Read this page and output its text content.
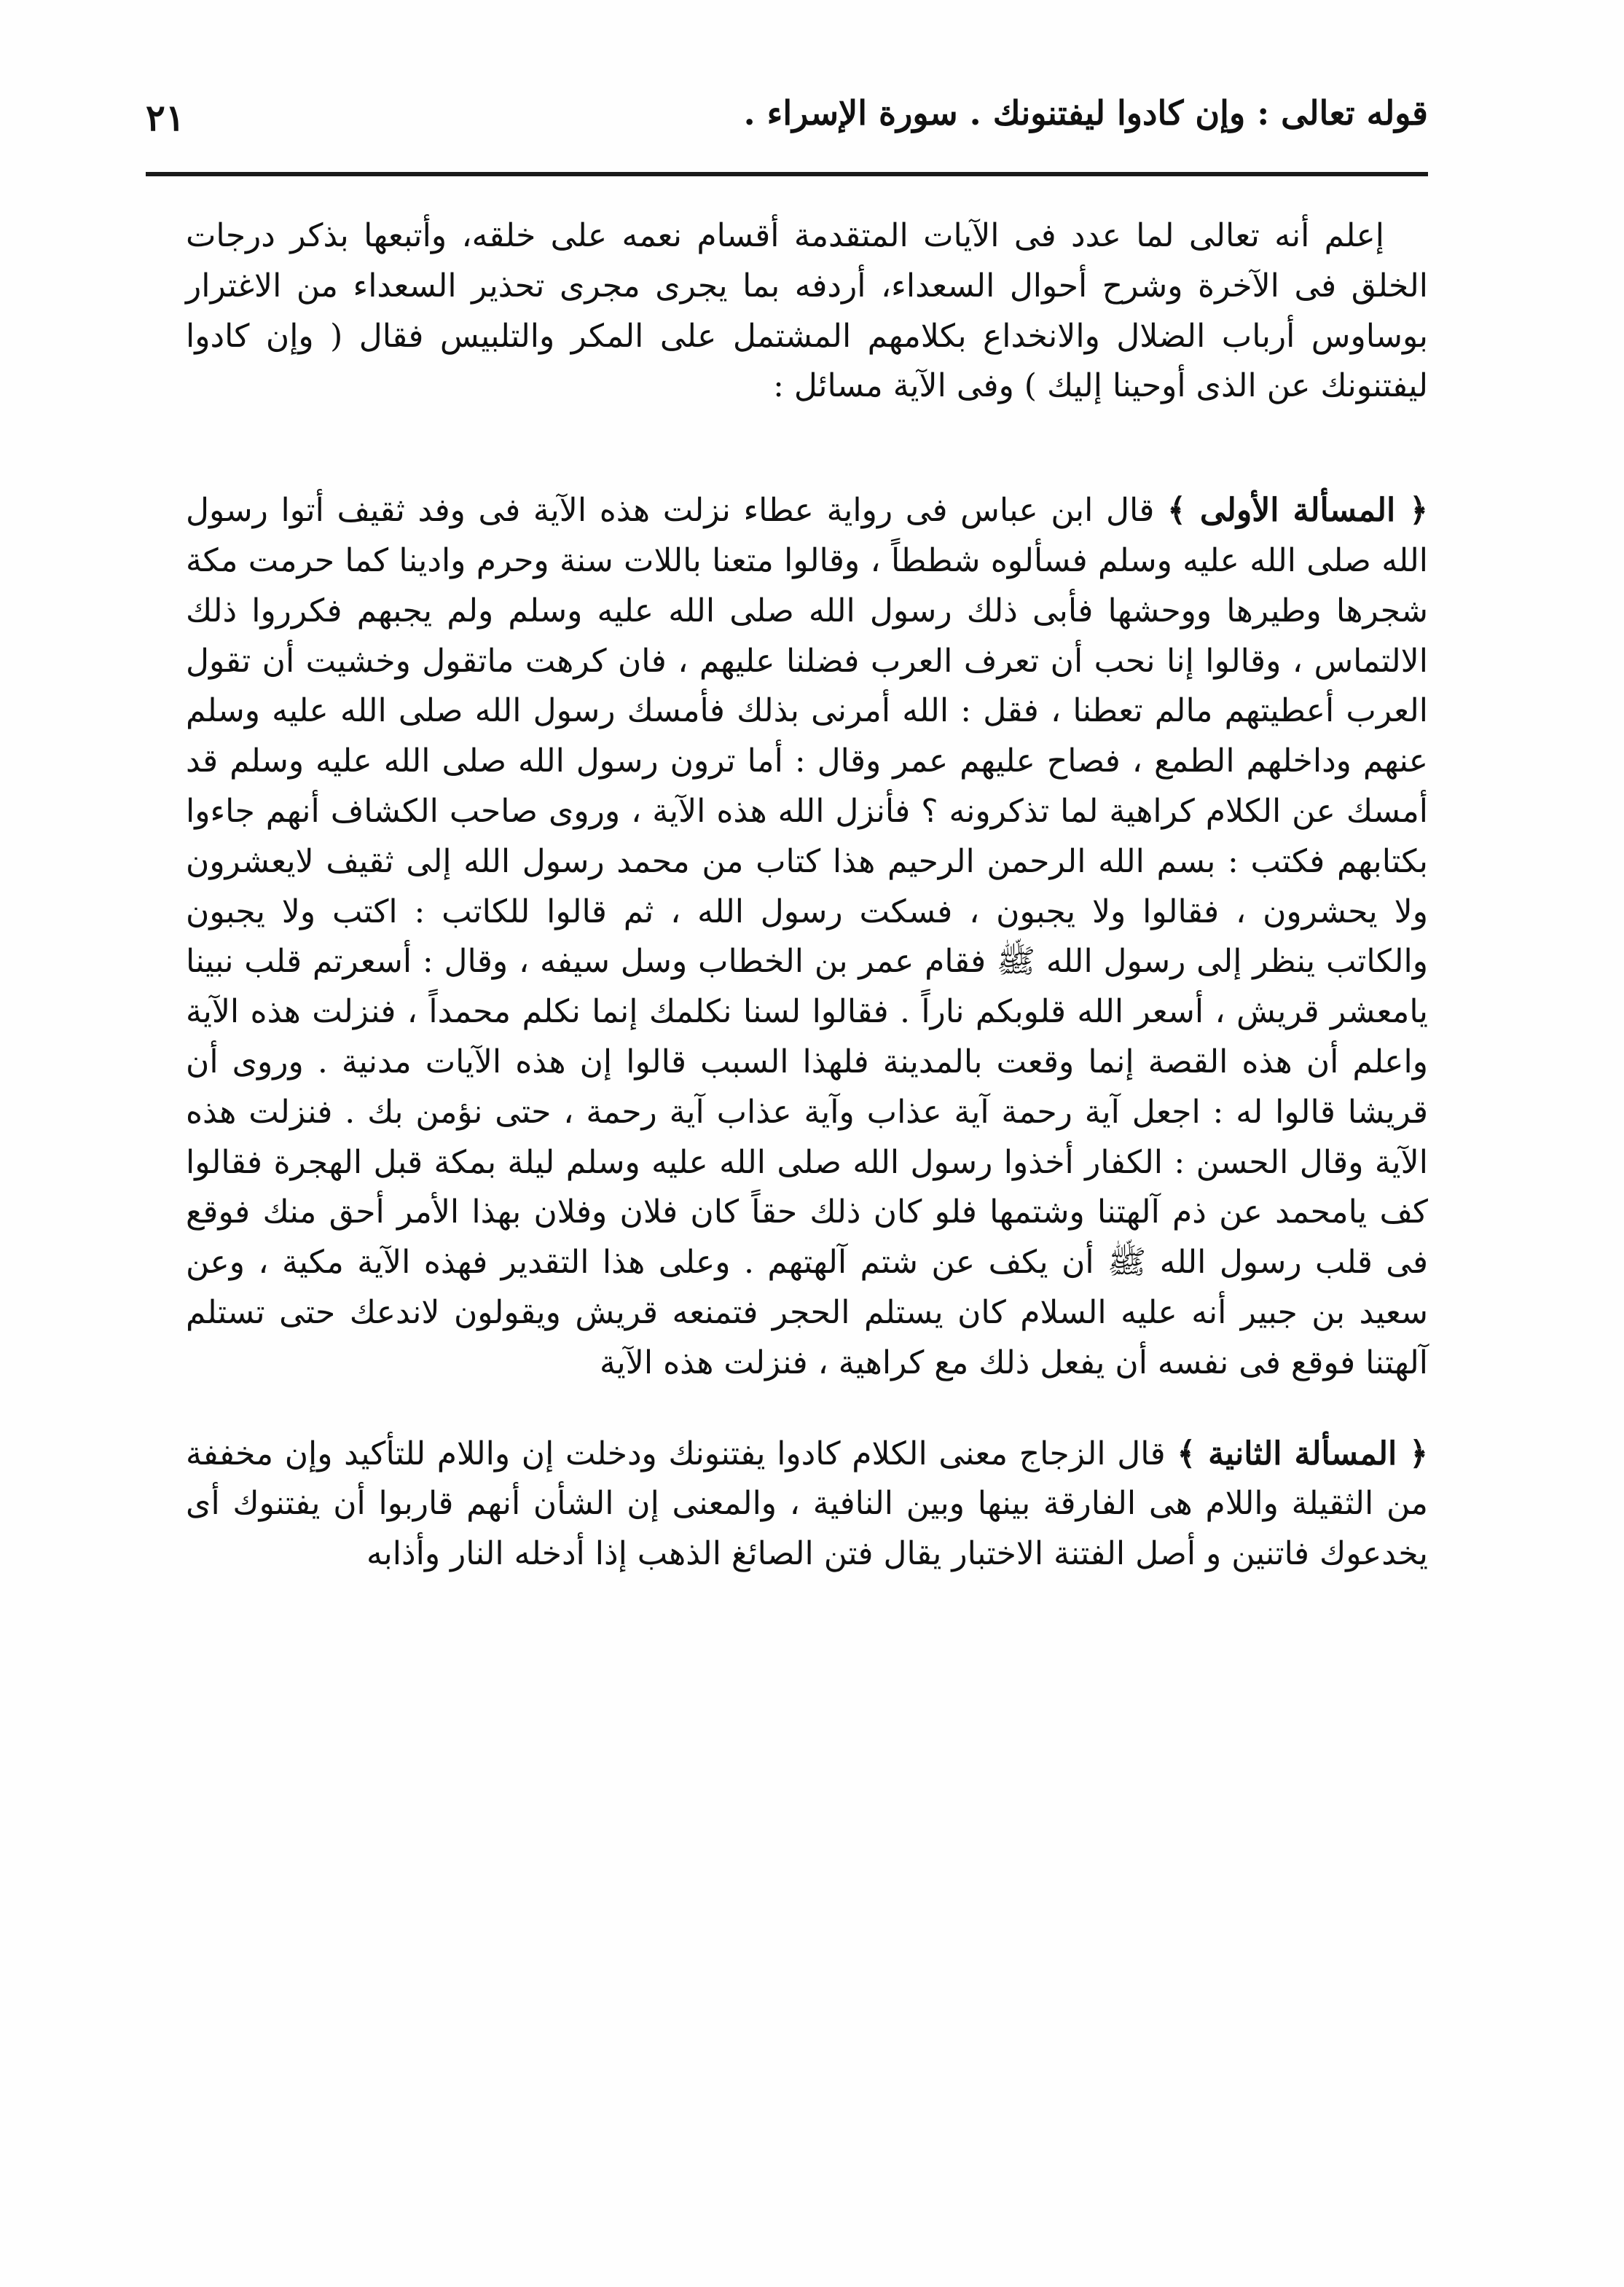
قوله تعالى : وإن كادوا ليفتنونك . سورة الإسراء .
٢١

إعلم أنه تعالى لما عدد فى الآيات المتقدمة أقسام نعمه على خلقه، وأتبعها بذكر درجات الخلق فى الآخرة وشرح أحوال السعداء، أردفه بما يجرى مجرى تحذير السعداء من الاغترار بوساوس أرباب الضلال والانخداع بكلامهم المشتمل على المكر والتلبيس فقال ( وإن كادوا ليفتنونك عن الذى أوحينا إليك ) وفى الآية مسائل :

﴿ المسألة الأولى ﴾ قال ابن عباس فى رواية عطاء نزلت هذه الآية فى وفد ثقيف أتوا رسول الله صلى الله عليه وسلم فسألوه شططاً ، وقالوا متعنا باللات سنة وحرم وادينا كما حرمت مكة شجرها وطيرها ووحشها فأبى ذلك رسول الله صلى الله عليه وسلم ولم يجبهم فكرروا ذلك الالتماس ، وقالوا إنا نحب أن تعرف العرب فضلنا عليهم ، فان كرهت ماتقول وخشيت أن تقول العرب أعطيتهم مالم تعطنا ، فقل : الله أمرنى بذلك فأمسك رسول الله صلى الله عليه وسلم عنهم وداخلهم الطمع ، فصاح عليهم عمر وقال : أما ترون رسول الله صلى الله عليه وسلم قد أمسك عن الكلام كراهية لما تذكرونه ؟ فأنزل الله هذه الآية ، وروى صاحب الكشاف أنهم جاءوا بكتابهم فكتب : بسم الله الرحمن الرحيم هذا كتاب من محمد رسول الله إلى ثقيف لايعشرون ولا يحشرون ، فقالوا ولا يجبون ، فسكت رسول الله ، ثم قالوا للكاتب : اكتب ولا يجبون والكاتب ينظر إلى رسول الله ﷺ فقام عمر بن الخطاب وسل سيفه ، وقال : أسعرتم قلب نبينا يامعشر قريش ، أسعر الله قلوبكم ناراً . فقالوا لسنا نكلمك إنما نكلم محمداً ، فنزلت هذه الآية واعلم أن هذه القصة إنما وقعت بالمدينة فلهذا السبب قالوا إن هذه الآيات مدنية . وروى أن قريشا قالوا له : اجعل آية رحمة آية عذاب وآية عذاب آية رحمة ، حتى نؤمن بك . فنزلت هذه الآية وقال الحسن : الكفار أخذوا رسول الله صلى الله عليه وسلم ليلة بمكة قبل الهجرة فقالوا كف يامحمد عن ذم آلهتنا وشتمها فلو كان ذلك حقاً كان فلان وفلان بهذا الأمر أحق منك فوقع فى قلب رسول الله ﷺ أن يكف عن شتم آلهتهم . وعلى هذا التقدير فهذه الآية مكية ، وعن سعيد بن جبير أنه عليه السلام كان يستلم الحجر فتمنعه قريش ويقولون لاندعك حتى تستلم آلهتنا فوقع فى نفسه أن يفعل ذلك مع كراهية ، فنزلت هذه الآية

﴿ المسألة الثانية ﴾ قال الزجاج معنى الكلام كادوا يفتنونك ودخلت إن واللام للتأكيد وإن مخففة من الثقيلة واللام هى الفارقة بينها وبين النافية ، والمعنى إن الشأن أنهم قاربوا أن يفتنوك أى يخدعوك فاتنين و أصل الفتنة الاختبار يقال فتن الصائغ الذهب إذا أدخله النار وأذابه
